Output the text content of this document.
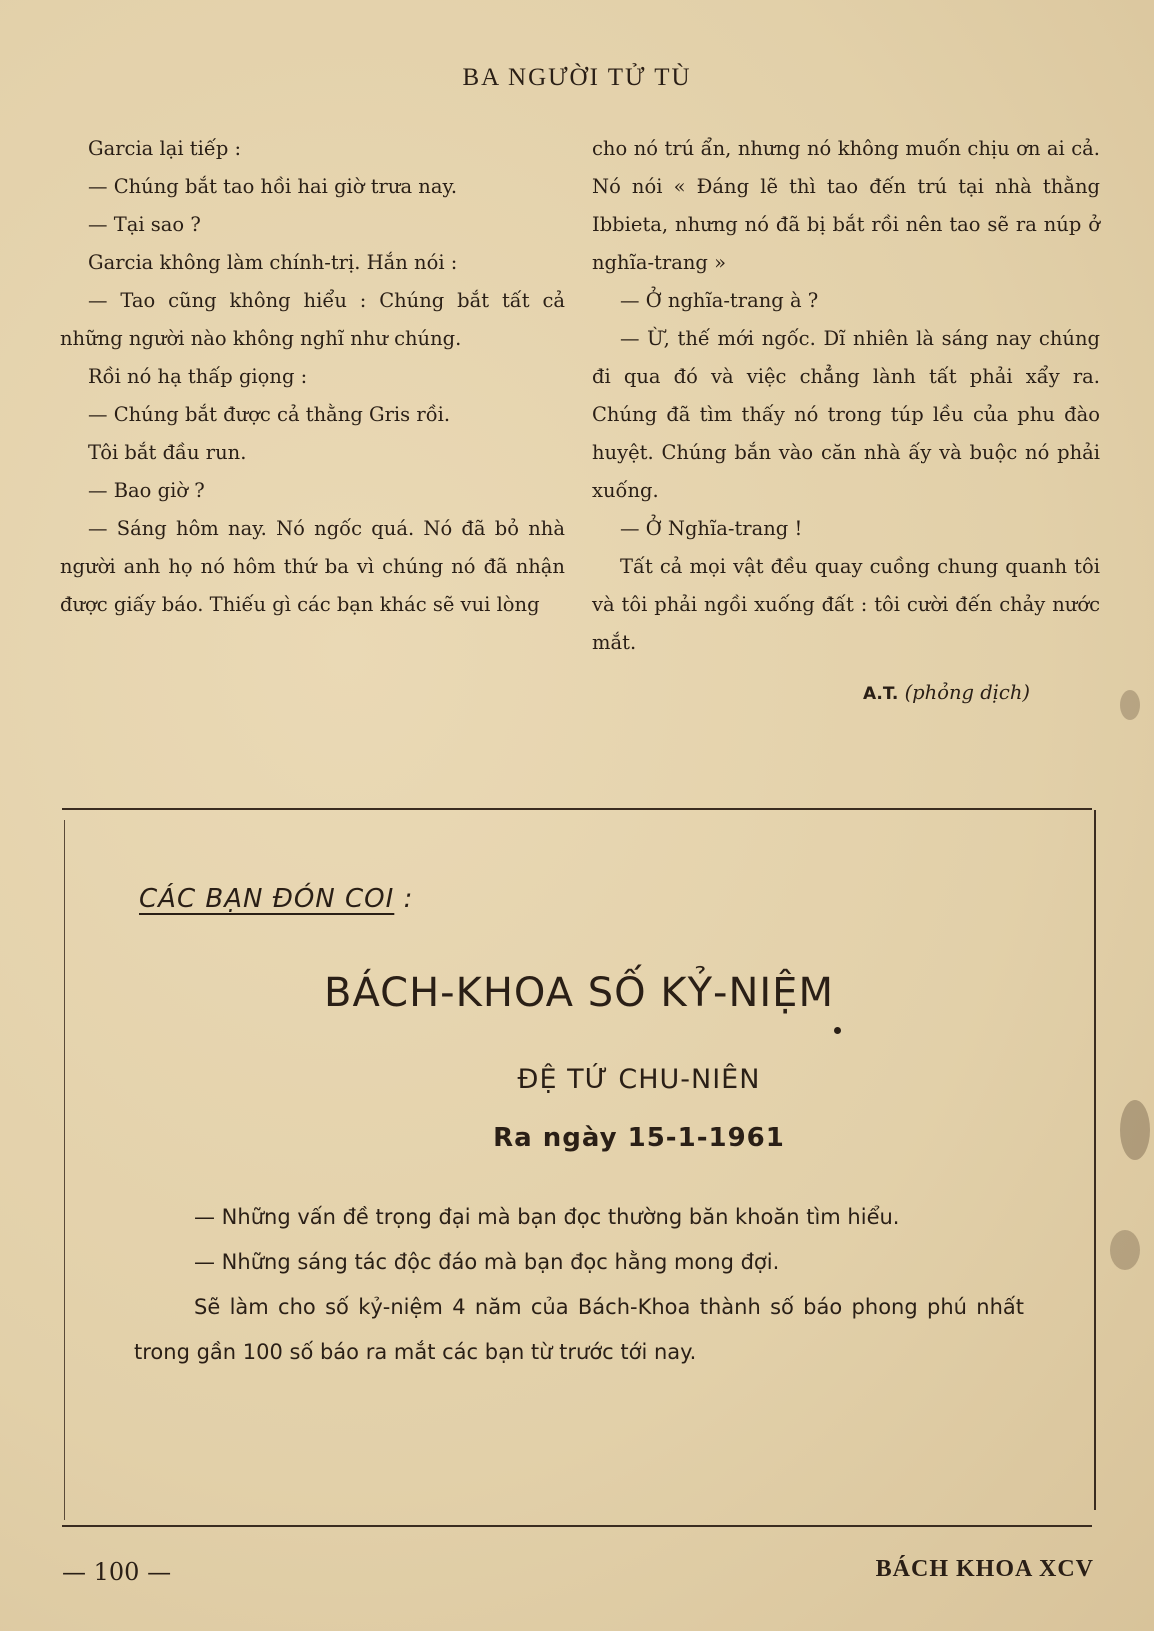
BA NGƯỜI TỬ TÙ

Garcia lại tiếp :

— Chúng bắt tao hồi hai giờ trưa nay.

— Tại sao ?

Garcia không làm chính-trị. Hắn nói :

— Tao cũng không hiểu : Chúng bắt tất cả những người nào không nghĩ như chúng.

Rồi nó hạ thấp giọng :

— Chúng bắt được cả thằng Gris rồi.

Tôi bắt đầu run.

— Bao giờ ?

— Sáng hôm nay. Nó ngốc quá. Nó đã bỏ nhà người anh họ nó hôm thứ ba vì chúng nó đã nhận được giấy báo. Thiếu gì các bạn khác sẽ vui lòng

cho nó trú ẩn, nhưng nó không muốn chịu ơn ai cả. Nó nói « Đáng lẽ thì tao đến trú tại nhà thằng Ibbieta, nhưng nó đã bị bắt rồi nên tao sẽ ra núp ở nghĩa-trang »

— Ở nghĩa-trang à ?

— Ừ, thế mới ngốc. Dĩ nhiên là sáng nay chúng đi qua đó và việc chẳng lành tất phải xẩy ra. Chúng đã tìm thấy nó trong túp lều của phu đào huyệt. Chúng bắn vào căn nhà ấy và buộc nó phải xuống.

— Ở Nghĩa-trang !

Tất cả mọi vật đều quay cuồng chung quanh tôi và tôi phải ngồi xuống đất : tôi cười đến chảy nước mắt.

A.T. (phỏng dịch)

CÁC BẠN ĐÓN COI :
BÁCH-KHOA SỐ KỶ-NIỆM
ĐỆ TỨ CHU-NIÊN
Ra ngày 15-1-1961

— Những vấn đề trọng đại mà bạn đọc thường băn khoăn tìm hiểu.

— Những sáng tác độc đáo mà bạn đọc hằng mong đợi.

Sẽ làm cho số kỷ-niệm 4 năm của Bách-Khoa thành số báo phong phú nhất trong gần 100 số báo ra mắt các bạn từ trước tới nay.

— 100 —	BÁCH KHOA XCV
